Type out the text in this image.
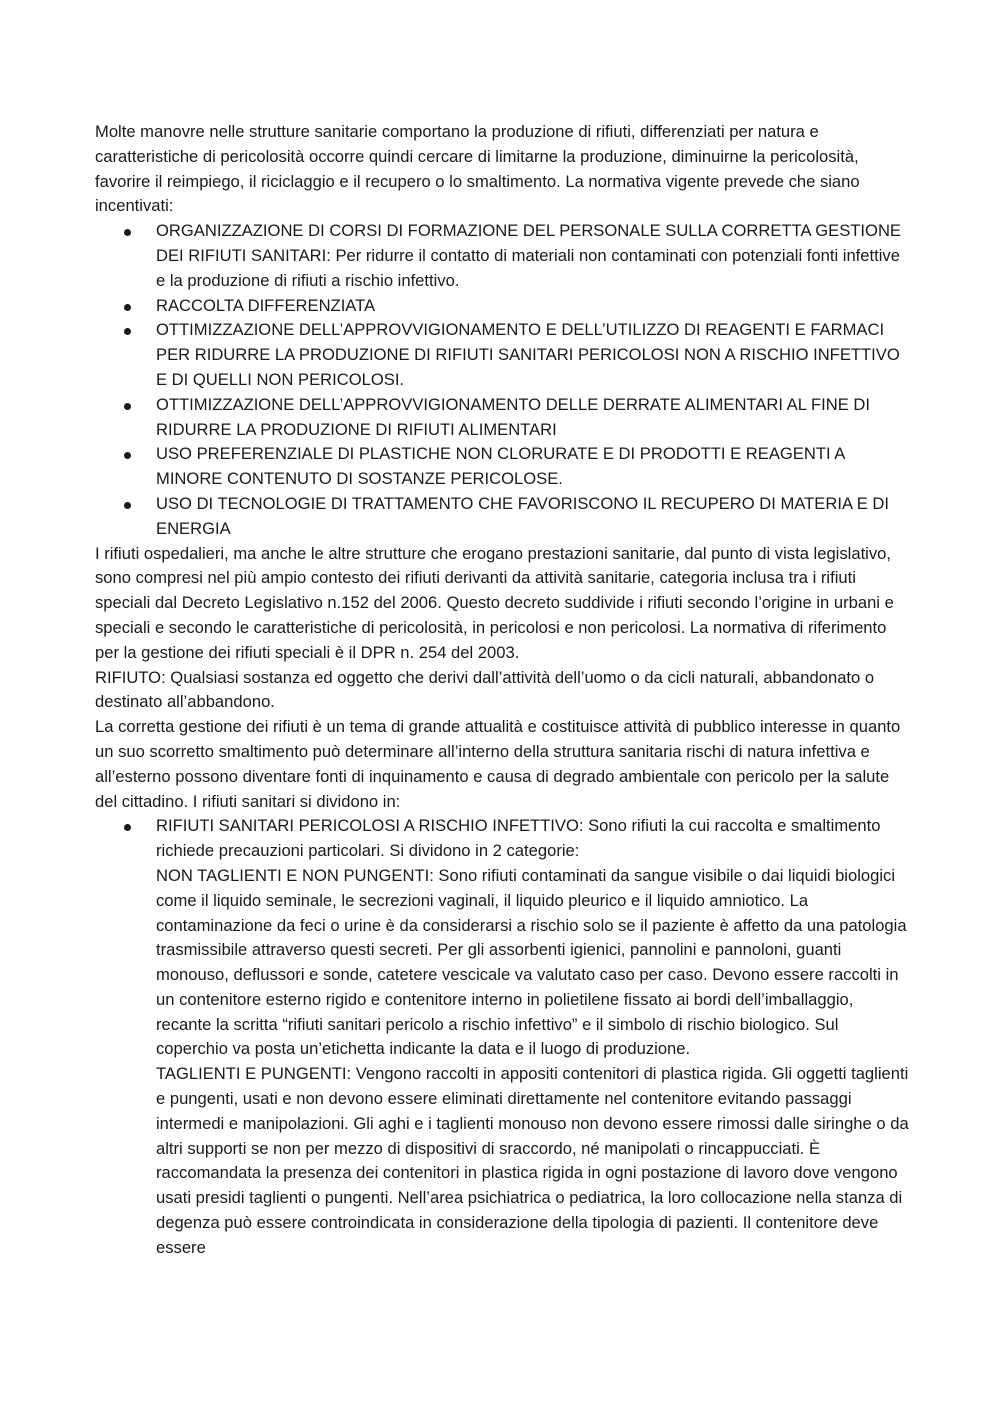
Molte manovre nelle strutture sanitarie comportano la produzione di rifiuti, differenziati per natura e caratteristiche di pericolosità occorre quindi cercare di limitarne la produzione, diminuirne la pericolosità, favorire il reimpiego, il riciclaggio e il recupero o lo smaltimento. La normativa vigente prevede che siano incentivati:

ORGANIZZAZIONE DI CORSI DI FORMAZIONE DEL PERSONALE SULLA CORRETTA GESTIONE DEI RIFIUTI SANITARI: Per ridurre il contatto di materiali non contaminati con potenziali fonti infettive e la produzione di rifiuti a rischio infettivo.
RACCOLTA DIFFERENZIATA
OTTIMIZZAZIONE DELL’APPROVVIGIONAMENTO E DELL’UTILIZZO DI REAGENTI E FARMACI PER RIDURRE LA PRODUZIONE DI RIFIUTI SANITARI PERICOLOSI NON A RISCHIO INFETTIVO E DI QUELLI NON PERICOLOSI.
OTTIMIZZAZIONE DELL’APPROVVIGIONAMENTO DELLE DERRATE ALIMENTARI AL FINE DI RIDURRE LA PRODUZIONE DI RIFIUTI ALIMENTARI
USO PREFERENZIALE DI PLASTICHE NON CLORURATE E DI PRODOTTI E REAGENTI A MINORE CONTENUTO DI SOSTANZE PERICOLOSE.
USO DI TECNOLOGIE DI TRATTAMENTO CHE FAVORISCONO IL RECUPERO DI MATERIA E DI ENERGIA

I rifiuti ospedalieri, ma anche le altre strutture che erogano prestazioni sanitarie, dal punto di vista legislativo, sono compresi nel più ampio contesto dei rifiuti derivanti da attività sanitarie, categoria inclusa tra i rifiuti speciali dal Decreto Legislativo n.152 del 2006. Questo decreto suddivide i rifiuti secondo l’origine in urbani e speciali e secondo le caratteristiche di pericolosità, in pericolosi e non pericolosi. La normativa di riferimento per la gestione dei rifiuti speciali è il DPR n. 254 del 2003.

RIFIUTO: Qualsiasi sostanza ed oggetto che derivi dall’attività dell’uomo o da cicli naturali, abbandonato o destinato all’abbandono.

La corretta gestione dei rifiuti è un tema di grande attualità e costituisce attività di pubblico interesse in quanto un suo scorretto smaltimento può determinare all’interno della struttura sanitaria rischi di natura infettiva e all’esterno possono diventare fonti di inquinamento e causa di degrado ambientale con pericolo per la salute del cittadino. I rifiuti sanitari si dividono in:

RIFIUTI SANITARI PERICOLOSI A RISCHIO INFETTIVO: Sono rifiuti la cui raccolta e smaltimento richiede precauzioni particolari. Si dividono in 2 categorie:
NON TAGLIENTI E NON PUNGENTI: Sono rifiuti contaminati da sangue visibile o dai liquidi biologici come il liquido seminale, le secrezioni vaginali, il liquido pleurico e il liquido amniotico. La contaminazione da feci o urine è da considerarsi a rischio solo se il paziente è affetto da una patologia trasmissibile attraverso questi secreti. Per gli assorbenti igienici, pannolini e pannoloni, guanti monouso, deflussori e sonde, catetere vescicale va valutato caso per caso. Devono essere raccolti in un contenitore esterno rigido e contenitore interno in polietilene fissato ai bordi dell’imballaggio, recante la scritta “rifiuti sanitari pericolo a rischio infettivo” e il simbolo di rischio biologico. Sul coperchio va posta un’etichetta indicante la data e il luogo di produzione.
TAGLIENTI E PUNGENTI: Vengono raccolti in appositi contenitori di plastica rigida. Gli oggetti taglienti e pungenti, usati e non devono essere eliminati direttamente nel contenitore evitando passaggi intermedi e manipolazioni. Gli aghi e i taglienti monouso non devono essere rimossi dalle siringhe o da altri supporti se non per mezzo di dispositivi di sraccordo, né manipolati o rincappucciati. È raccomandata la presenza dei contenitori in plastica rigida in ogni postazione di lavoro dove vengono usati presidi taglienti o pungenti. Nell’area psichiatrica o pediatrica, la loro collocazione nella stanza di degenza può essere controindicata in considerazione della tipologia di pazienti. Il contenitore deve essere
